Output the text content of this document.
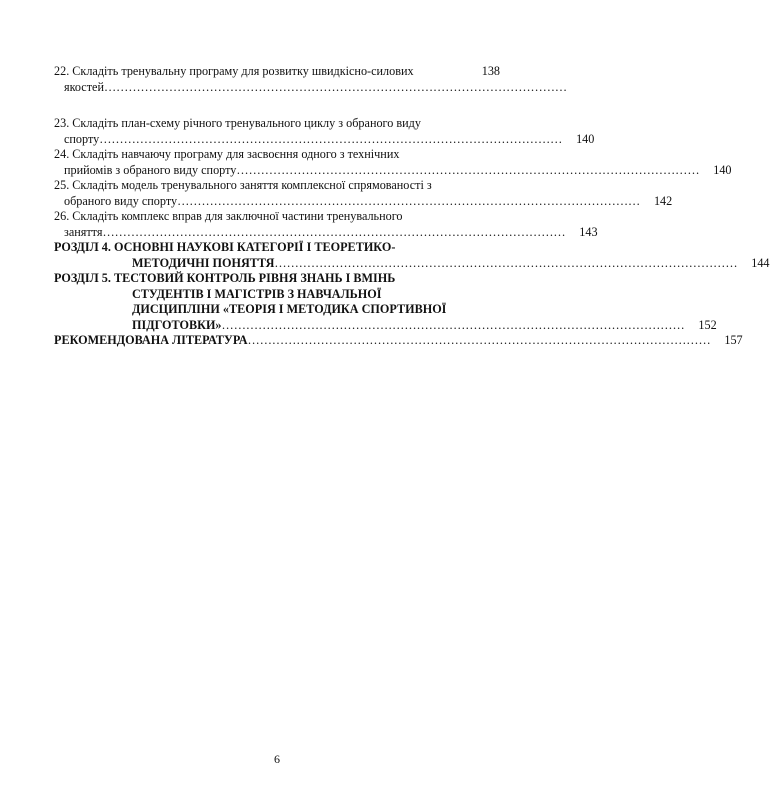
22. Складіть тренувальну програму для розвитку швидкісно-силових	138
якостей……………………………………………………………………………………………………
23. Складіть план-схему річного тренувального циклу з обраного виду
спорту……………………………………………………………………………………………………	140
24. Складіть навчаючу програму для засвоєння одного з технічних
прийомів з обраного виду спорту……………………………………………………………………………………………………	140
25. Складіть модель тренувального заняття комплексної спрямованості з
обраного виду спорту……………………………………………………………………………………………………	142
26. Складіть комплекс вправ для заключної частини тренувального
заняття……………………………………………………………………………………………………	143
РОЗДІЛ 4. ОСНОВНІ НАУКОВІ КАТЕГОРІЇ І ТЕОРЕТИКО-
МЕТОДИЧНІ ПОНЯТТЯ……………………………………………………………………………………………………	144
РОЗДІЛ 5. ТЕСТОВИЙ КОНТРОЛЬ РІВНЯ ЗНАНЬ І ВМІНЬ
СТУДЕНТІВ І МАГІСТРІВ З НАВЧАЛЬНОЇ
ДИСЦИПЛІНИ «ТЕОРІЯ І МЕТОДИКА СПОРТИВНОЇ
ПІДГОТОВКИ»……………………………………………………………………………………………………	152
РЕКОМЕНДОВАНА ЛІТЕРАТУРА……………………………………………………………………………………………………	157
6
